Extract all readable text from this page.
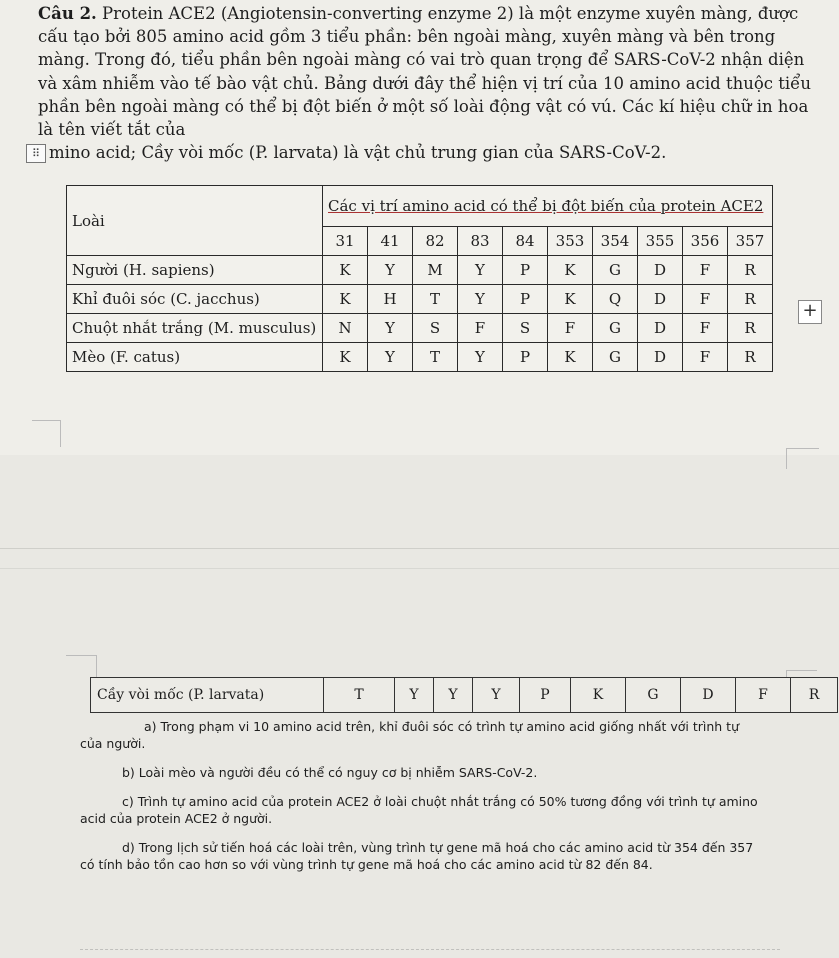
Câu 2. Protein ACE2 (Angiotensin-converting enzyme 2) là một enzyme xuyên màng, được cấu tạo bởi 805 amino acid gồm 3 tiểu phần: bên ngoài màng, xuyên màng và bên trong màng. Trong đó, tiểu phần bên ngoài màng có vai trò quan trọng để SARS-CoV-2 nhận diện và xâm nhiễm vào tế bào vật chủ. Bảng dưới đây thể hiện vị trí của 10 amino acid thuộc tiểu phần bên ngoài màng có thể bị đột biến ở một số loài động vật có vú. Các kí hiệu chữ in hoa là tên viết tắt của

⠿ mino acid; Cầy vòi mốc (P. larvata) là vật chủ trung gian của SARS-CoV-2.

Loài	Các vị trí amino acid có thể bị đột biến của protein ACE2									
	31	41	82	83	84	353	354	355	356	357
Người (H. sapiens)	K	Y	M	Y	P	K	G	D	F	R
Khỉ đuôi sóc (C. jacchus)	K	H	T	Y	P	K	Q	D	F	R
Chuột nhắt trắng (M. musculus)	N	Y	S	F	S	F	G	D	F	R
Mèo (F. catus)	K	Y	T	Y	P	K	G	D	F	R
+
Cầy vòi mốc (P. larvata)	T	Y	Y	Y	P	K	G	D	F	R

a) Trong phạm vi 10 amino acid trên, khỉ đuôi sóc có trình tự amino acid giống nhất với trình tự của người.

b) Loài mèo và người đều có thể có nguy cơ bị nhiễm SARS-CoV-2.

c) Trình tự amino acid của protein ACE2 ở loài chuột nhắt trắng có 50% tương đồng với trình tự amino acid của protein ACE2 ở người.

d) Trong lịch sử tiến hoá các loài trên, vùng trình tự gene mã hoá cho các amino acid từ 354 đến 357 có tính bảo tồn cao hơn so với vùng trình tự gene mã hoá cho các amino acid từ 82 đến 84.
